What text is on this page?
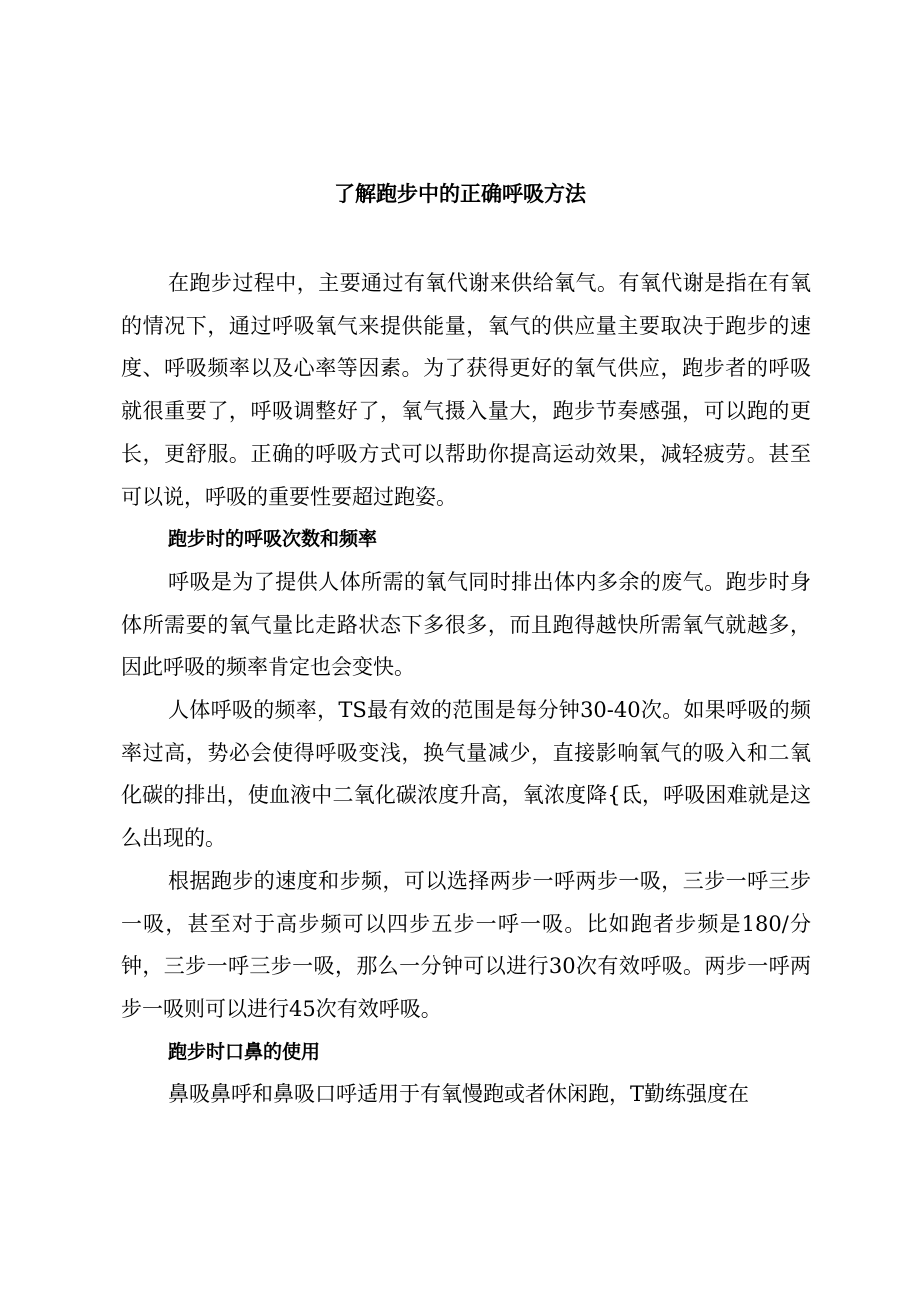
了解跑步中的正确呼吸方法

在跑步过程中，主要通过有氧代谢来供给氧气。有氧代谢是指在有氧的情况下，通过呼吸氧气来提供能量，氧气的供应量主要取决于跑步的速度、呼吸频率以及心率等因素。为了获得更好的氧气供应，跑步者的呼吸就很重要了，呼吸调整好了，氧气摄入量大，跑步节奏感强，可以跑的更长，更舒服。正确的呼吸方式可以帮助你提高运动效果，减轻疲劳。甚至可以说，呼吸的重要性要超过跑姿。

跑步时的呼吸次数和频率

呼吸是为了提供人体所需的氧气同时排出体内多余的废气。跑步时身体所需要的氧气量比走路状态下多很多，而且跑得越快所需氧气就越多，因此呼吸的频率肯定也会变快。

人体呼吸的频率，TS最有效的范围是每分钟30-40次。如果呼吸的频率过高，势必会使得呼吸变浅，换气量减少，直接影响氧气的吸入和二氧化碳的排出，使血液中二氧化碳浓度升高，氧浓度降{氐，呼吸困难就是这么出现的。

根据跑步的速度和步频，可以选择两步一呼两步一吸，三步一呼三步一吸，甚至对于高步频可以四步五步一呼一吸。比如跑者步频是180/分钟，三步一呼三步一吸，那么一分钟可以进行30次有效呼吸。两步一呼两步一吸则可以进行45次有效呼吸。

跑步时口鼻的使用

鼻吸鼻呼和鼻吸口呼适用于有氧慢跑或者休闲跑，T勤练强度在
